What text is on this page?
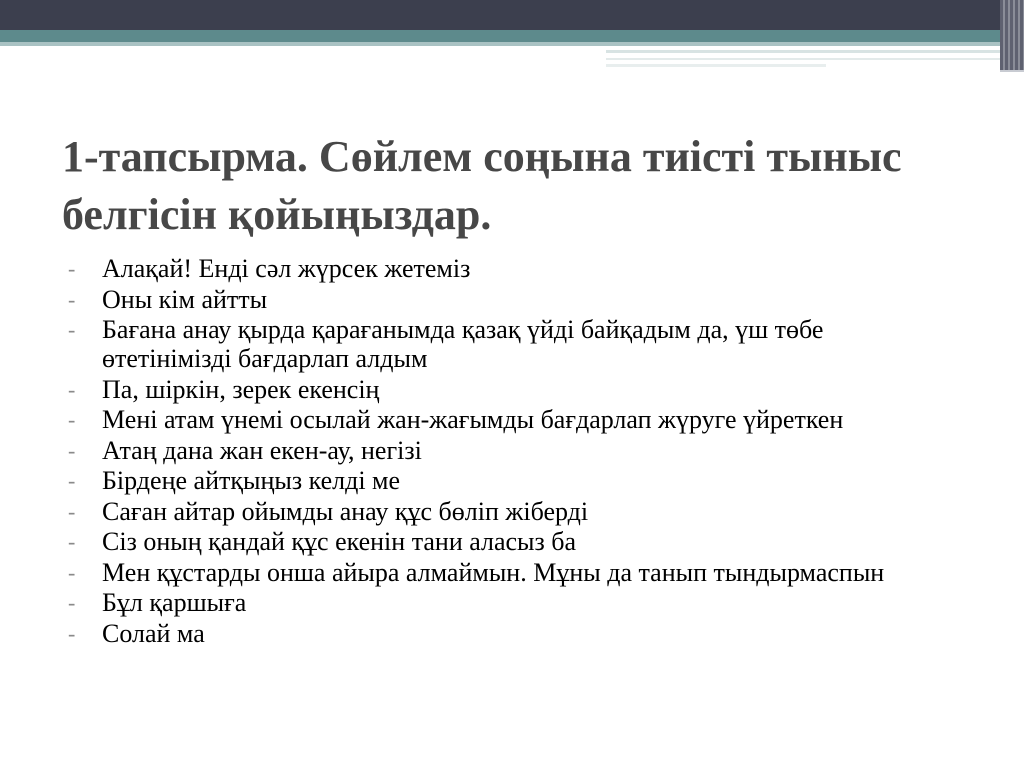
1-тапсырма. Сөйлем соңына тиісті тыныс белгісін қойыңыздар.
-	Алақай! Енді сәл жүрсек жетеміз
-	Оны кім айтты
-	Бағана анау қырда қарағанымда қазақ үйді байқадым да, үш төбе өтетінімізді бағдарлап алдым
-	Па, шіркін, зерек екенсің
-	Мені атам үнемі осылай жан-жағымды бағдарлап жүруге үйреткен
-	Атаң дана жан екен-ау, негізі
-	Бірдеңе айтқыңыз келді ме
-	Саған айтар ойымды анау құс бөліп жіберді
-	Сіз оның қандай құс екенін тани аласыз ба
-	Мен құстарды онша айыра алмаймын. Мұны да танып тындырмаспын
-	Бұл қаршыға
-	Солай ма
